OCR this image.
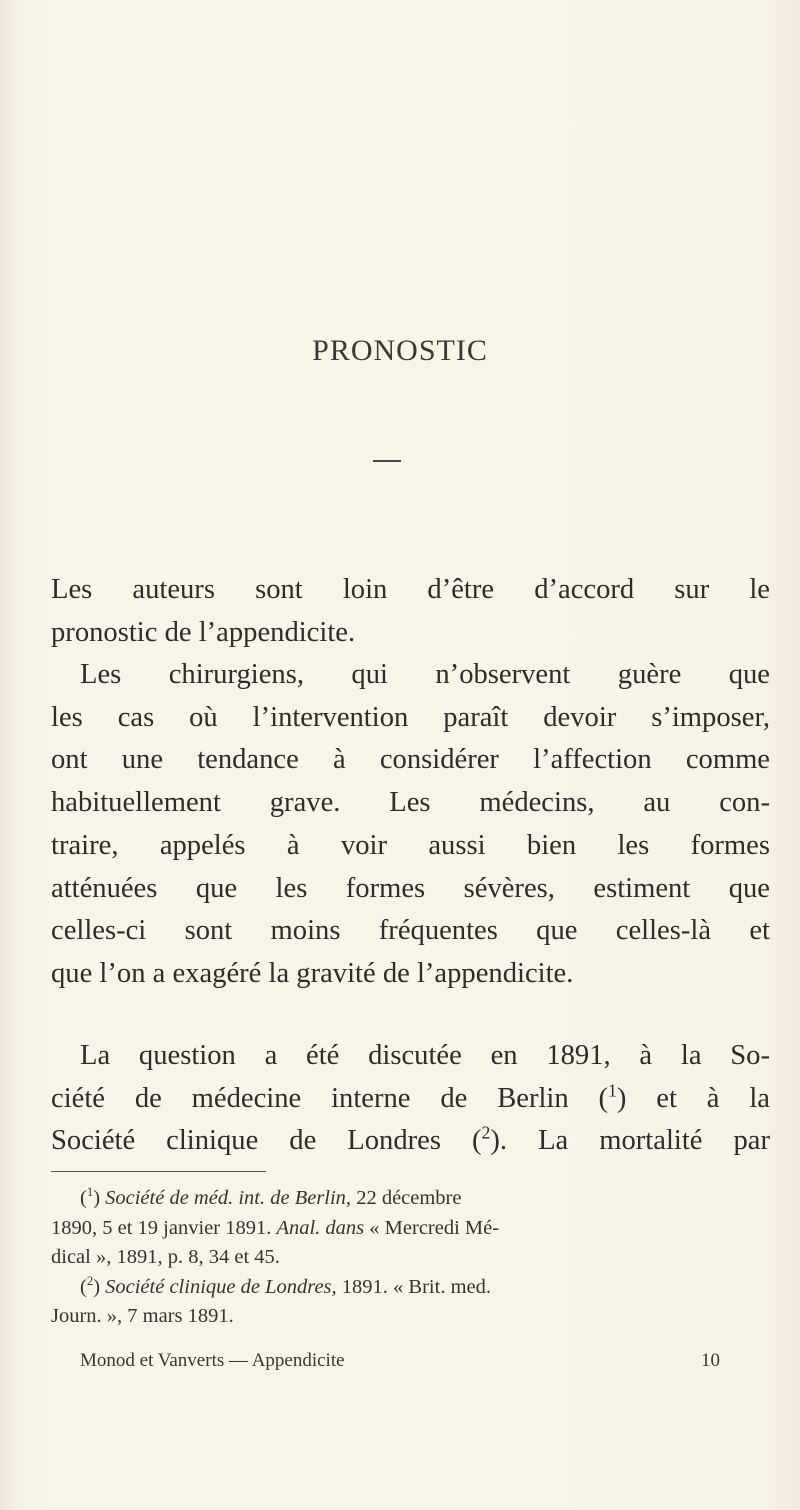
PRONOSTIC
Les auteurs sont loin d’être d’accord sur le
pronostic de l’appendicite.
Les chirurgiens, qui n’observent guère que
les cas où l’intervention paraît devoir s’imposer,
ont une tendance à considérer l’affection comme
habituellement grave. Les médecins, au con-
traire, appelés à voir aussi bien les formes
atténuées que les formes sévères, estiment que
celles-ci sont moins fréquentes que celles-là et
que l’on a exagéré la gravité de l’appendicite.
La question a été discutée en 1891, à la So-
ciété de médecine interne de Berlin ($^1$) et à la
Société clinique de Londres ($^2$). La mortalité par
($^1$) Société de méd. int. de Berlin, 22 décembre
1890, 5 et 19 janvier 1891. Anal. dans « Mercredi Mé-
dical », 1891, p. 8, 34 et 45.
($^2$) Société clinique de Londres, 1891. « Brit. med.
Journ. », 7 mars 1891.
Monod et Vanverts — Appendicite	10
